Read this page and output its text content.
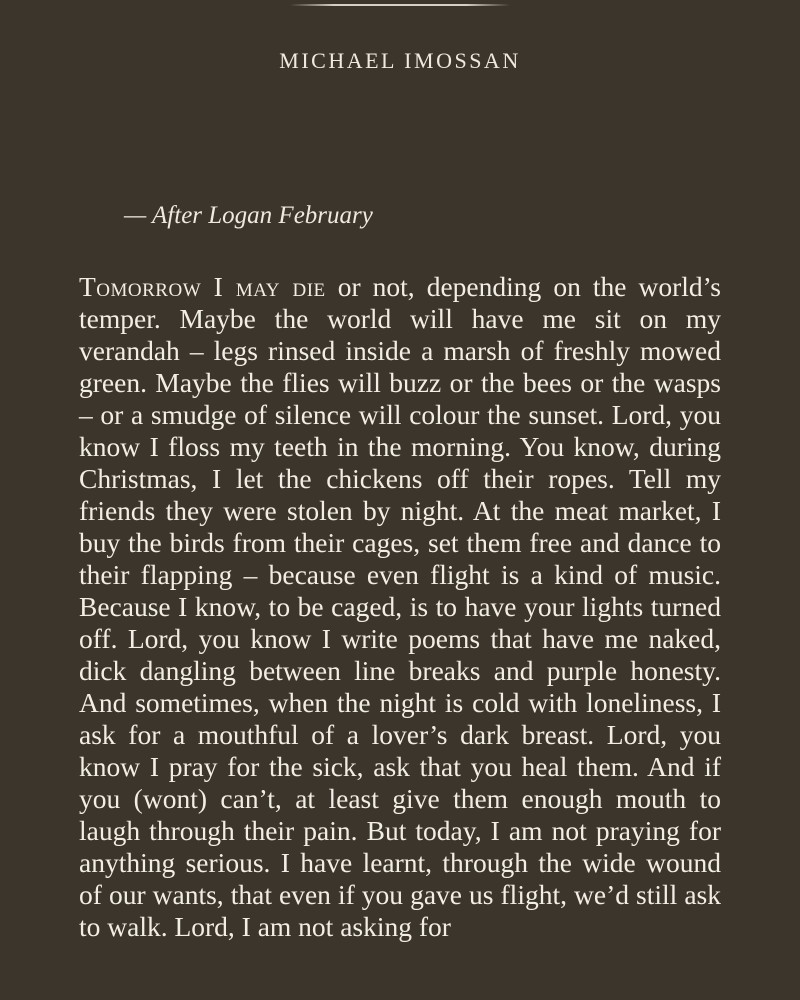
MICHAEL IMOSSAN
— After Logan February
Tomorrow I may die or not, depending on the world’s temper. Maybe the world will have me sit on my verandah – legs rinsed inside a marsh of freshly mowed green. Maybe the flies will buzz or the bees or the wasps – or a smudge of silence will colour the sunset. Lord, you know I floss my teeth in the morning. You know, during Christmas, I let the chickens off their ropes. Tell my friends they were stolen by night. At the meat market, I buy the birds from their cages, set them free and dance to their flapping – because even flight is a kind of music. Because I know, to be caged, is to have your lights turned off. Lord, you know I write poems that have me naked, dick dangling between line breaks and purple honesty. And sometimes, when the night is cold with loneliness, I ask for a mouthful of a lover’s dark breast. Lord, you know I pray for the sick, ask that you heal them. And if you (wont) can’t, at least give them enough mouth to laugh through their pain. But today, I am not praying for anything serious. I have learnt, through the wide wound of our wants, that even if you gave us flight, we’d still ask to walk. Lord, I am not asking for
